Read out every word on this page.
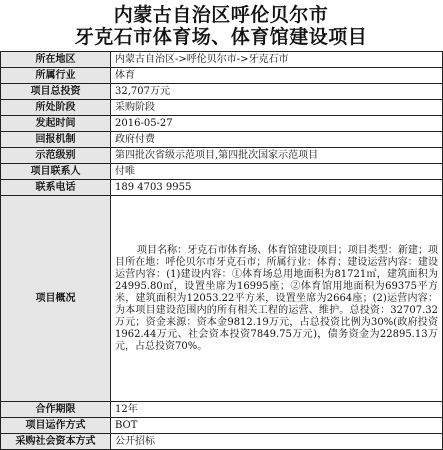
内蒙古自治区呼伦贝尔市
牙克石市体育场、体育馆建设项目
所在地区	内蒙古自治区->呼伦贝尔市->牙克石市
所属行业	体育
项目总投资	32,707万元
所处阶段	采购阶段
发起时间	2016-05-27
回报机制	政府付费
示范级别	第四批次省级示范项目,第四批次国家示范项目
项目联系人	付唯
联系电话	189 4703 9955
项目概况	项目名称：牙克石市体育场、体育馆建设项目；项目类型：新建；项目所在地：呼伦贝尔市牙克石市；所属行业：体育；建设运营内容：建设运营内容：(1)建设内容：①体育场总用地面积为81721㎡，建筑面积为24995.80㎡，设置坐席为16995座；②体育馆用地面积为69375平方米，建筑面积为12053.22平方米，设置坐席为2664座；(2)运营内容：为本项目建设范围内的所有相关工程的运营、维护。总投资：32707.32万元；资金来源：资本金9812.19万元，占总投资比例为30%(政府投资1962.44万元、社会资本投资7849.75万元)，债务资金为22895.13万元，占总投资70%。
合作期限	12年
项目运作方式	BOT
采购社会资本方式	公开招标
